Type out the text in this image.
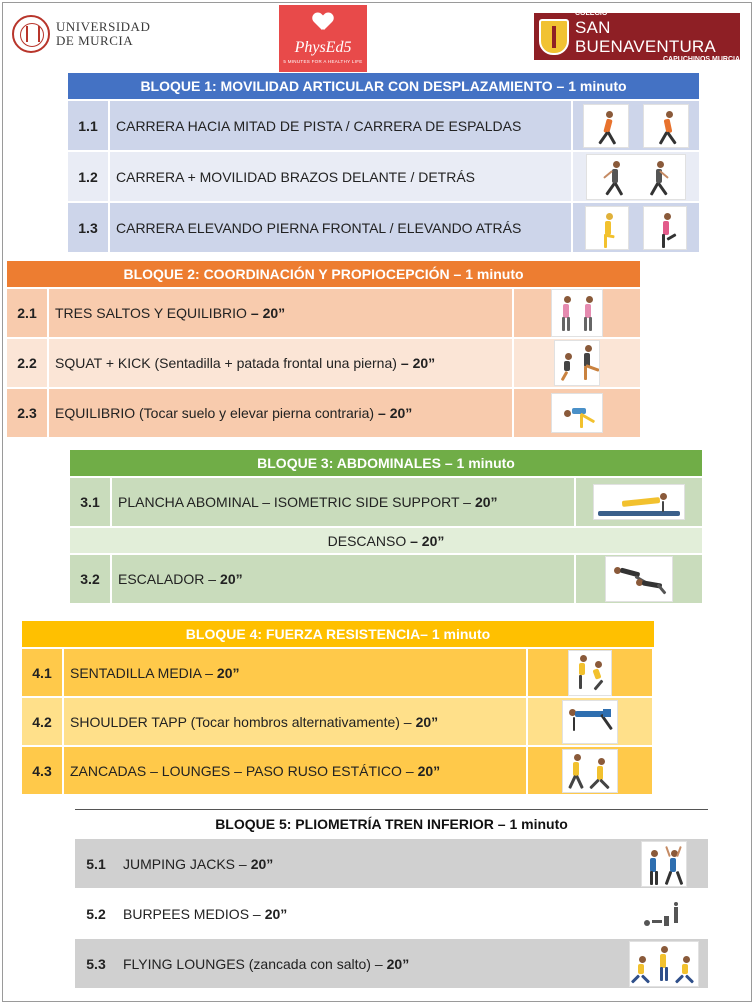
UNIVERSIDAD
DE MURCIA	PhysEd5
5 MINUTES FOR A HEALTHY LIFE
COLEGIO
SAN BUENAVENTURA
CAPUCHINOS MURCIA
BLOQUE 1: MOVILIDAD ARTICULAR CON DESPLAZAMIENTO – 1 minuto
1.1	CARRERA HACIA MITAD DE PISTA / CARRERA DE ESPALDAS
1.2	CARRERA + MOVILIDAD BRAZOS DELANTE / DETRÁS
1.3	CARRERA ELEVANDO PIERNA FRONTAL / ELEVANDO ATRÁS
BLOQUE 2: COORDINACIÓN Y PROPIOCEPCIÓN – 1 minuto
2.1	TRES SALTOS Y EQUILIBRIO – 20”
2.2	SQUAT + KICK (Sentadilla + patada frontal una pierna) – 20”
2.3	EQUILIBRIO (Tocar suelo y elevar pierna contraria) – 20”
BLOQUE 3: ABDOMINALES – 1 minuto
3.1	PLANCHA ABOMINAL – ISOMETRIC SIDE SUPPORT – 20”
DESCANSO
– 20”
3.2	ESCALADOR – 20”
BLOQUE 4: FUERZA RESISTENCIA– 1 minuto
4.1	SENTADILLA MEDIA – 20”
4.2	SHOULDER TAPP (Tocar hombros alternativamente) – 20”
4.3	ZANCADAS – LOUNGES – PASO RUSO ESTÁTICO – 20”
BLOQUE 5: PLIOMETRÍA TREN INFERIOR – 1 minuto
5.1	JUMPING JACKS – 20”
5.2	BURPEES MEDIOS – 20”
5.3	FLYING LOUNGES (zancada con salto) – 20”
